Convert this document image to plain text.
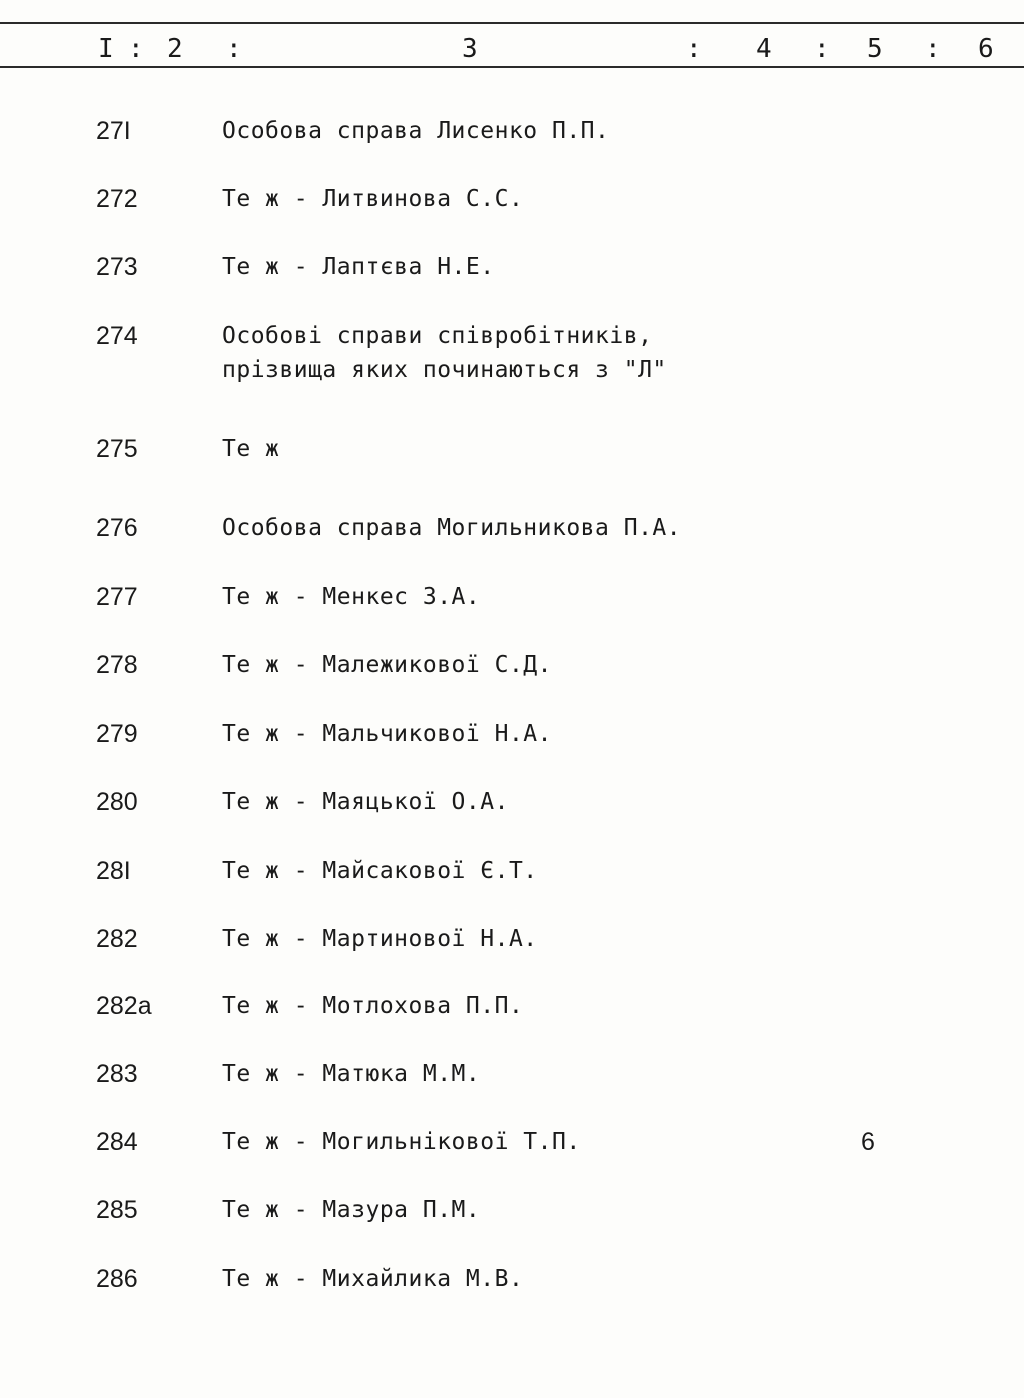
I : 2 :	3	: 4 : 5 : 6
27I	Особова справа Лисенко П.П.
272	Те ж - Литвинова С.С.
273	Те ж - Лаптєва Н.Е.
274	Особові справи співробітників,
прізвища яких починаються з "Л"
275	Те ж
276	Особова справа Могильникова П.А.
277	Те ж - Менкес З.А.
278	Те ж - Малежикової С.Д.
279	Те ж - Мальчикової Н.А.
280	Те ж - Маяцької О.А.
28I	Те ж - Майсакової Є.Т.
282	Те ж - Мартинової Н.А.
282а	Те ж - Мотлохова П.П.
283	Те ж - Матюка М.М.
284	Те ж - Могильнікової Т.П.	6
285	Те ж - Мазура П.М.
286	Те ж - Михайлика М.В.
